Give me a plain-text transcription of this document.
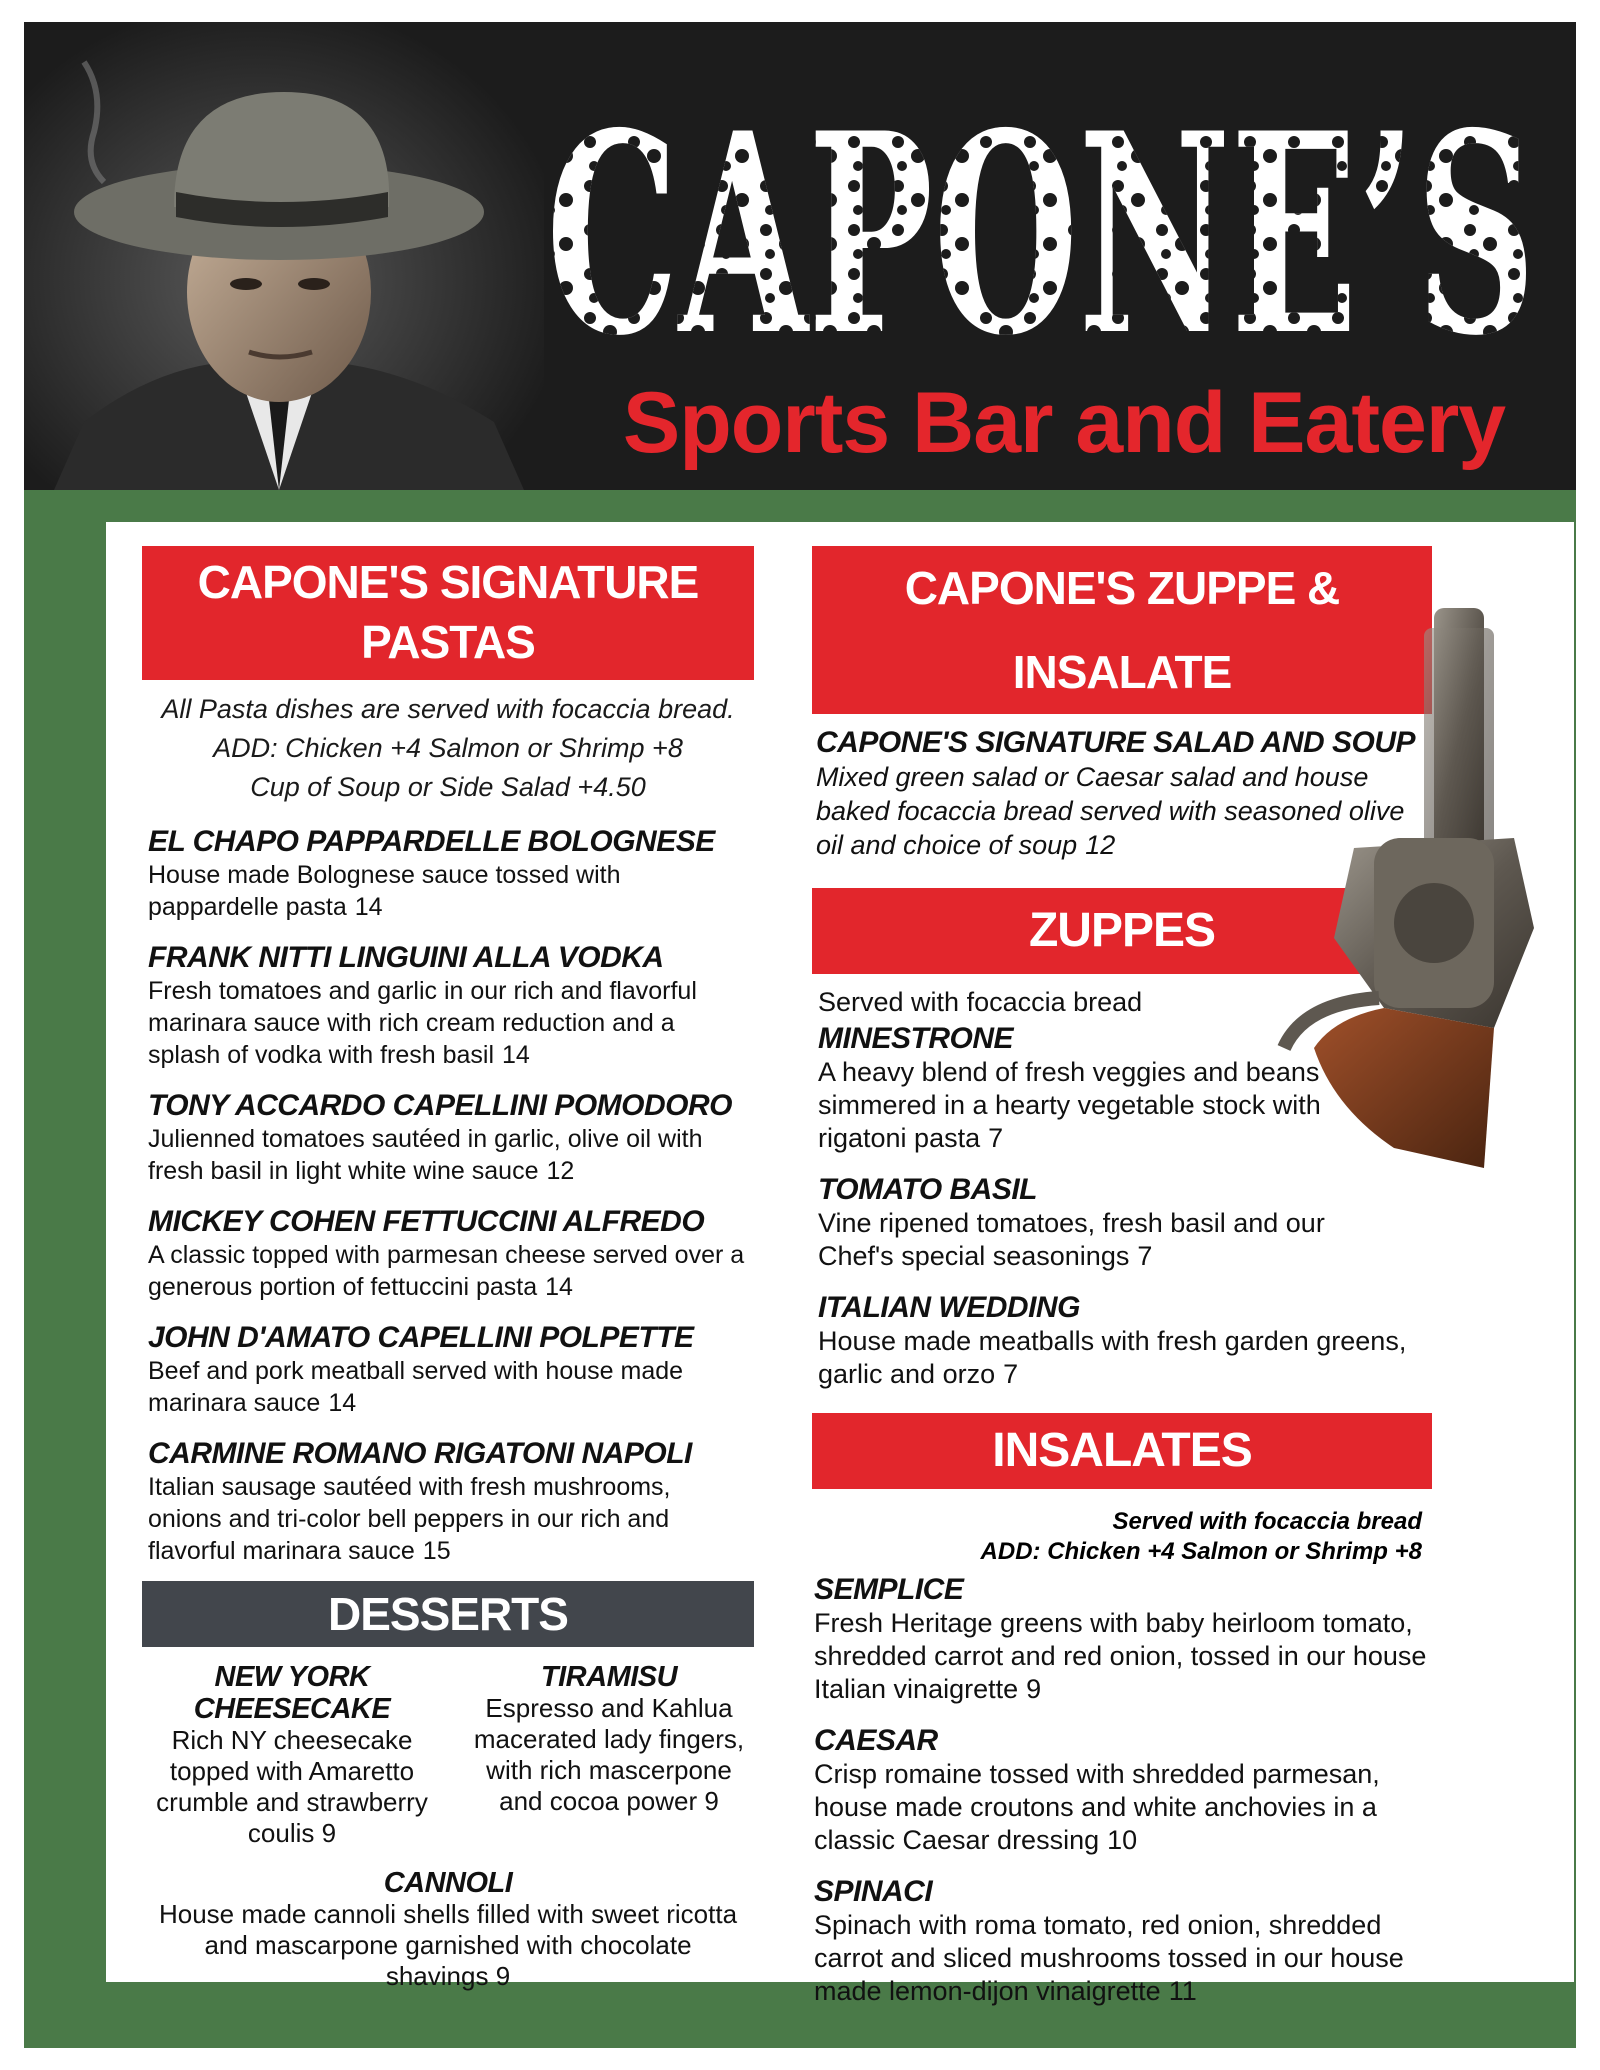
CAPONE’S
CAPONE’S
Sports Bar and Eatery
CAPONE'S SIGNATURE
PASTAS
All Pasta dishes are served with focaccia bread.
ADD: Chicken +4 Salmon or Shrimp +8
Cup of Soup or Side Salad +4.50
EL CHAPO PAPPARDELLE BOLOGNESE
House made Bolognese sauce tossed with pappardelle pasta 14
FRANK NITTI LINGUINI ALLA VODKA
Fresh tomatoes and garlic in our rich and flavorful marinara sauce with rich cream reduction and a splash of vodka with fresh basil 14
TONY ACCARDO CAPELLINI POMODORO
Julienned tomatoes sautéed in garlic, olive oil with fresh basil in light white wine sauce 12
MICKEY COHEN FETTUCCINI ALFREDO
A classic topped with parmesan cheese served over a generous portion of fettuccini pasta 14
JOHN D'AMATO CAPELLINI POLPETTE
Beef and pork meatball served with house made marinara sauce 14
CARMINE ROMANO RIGATONI NAPOLI
Italian sausage sautéed with fresh mushrooms, onions and tri-color bell peppers in our rich and flavorful marinara sauce 15
DESSERTS
NEW YORK
CHEESECAKE
Rich NY cheesecake topped with Amaretto crumble and strawberry coulis 9
TIRAMISU
Espresso and Kahlua macerated lady fingers, with rich mascerpone and cocoa power 9
CANNOLI
House made cannoli shells filled with sweet ricotta and mascarpone garnished with chocolate shavings 9
CAPONE'S ZUPPE & INSALATE
CAPONE'S SIGNATURE SALAD AND SOUP
Mixed green salad or Caesar salad and house baked focaccia bread served with seasoned olive oil and choice of soup 12
ZUPPES
Served with focaccia bread
MINESTRONE
A heavy blend of fresh veggies and beans simmered in a hearty vegetable stock with rigatoni pasta 7
TOMATO BASIL
Vine ripened tomatoes, fresh basil and our Chef's special seasonings 7
ITALIAN WEDDING
House made meatballs with fresh garden greens, garlic and orzo 7
INSALATES
Served with focaccia bread
ADD: Chicken +4 Salmon or Shrimp +8
SEMPLICE
Fresh Heritage greens with baby heirloom tomato, shredded carrot and red onion, tossed in our house Italian vinaigrette 9
CAESAR
Crisp romaine tossed with shredded parmesan, house made croutons and white anchovies in a classic Caesar dressing 10
SPINACI
Spinach with roma tomato, red onion, shredded carrot and sliced mushrooms tossed in our house made lemon-dijon vinaigrette 11
